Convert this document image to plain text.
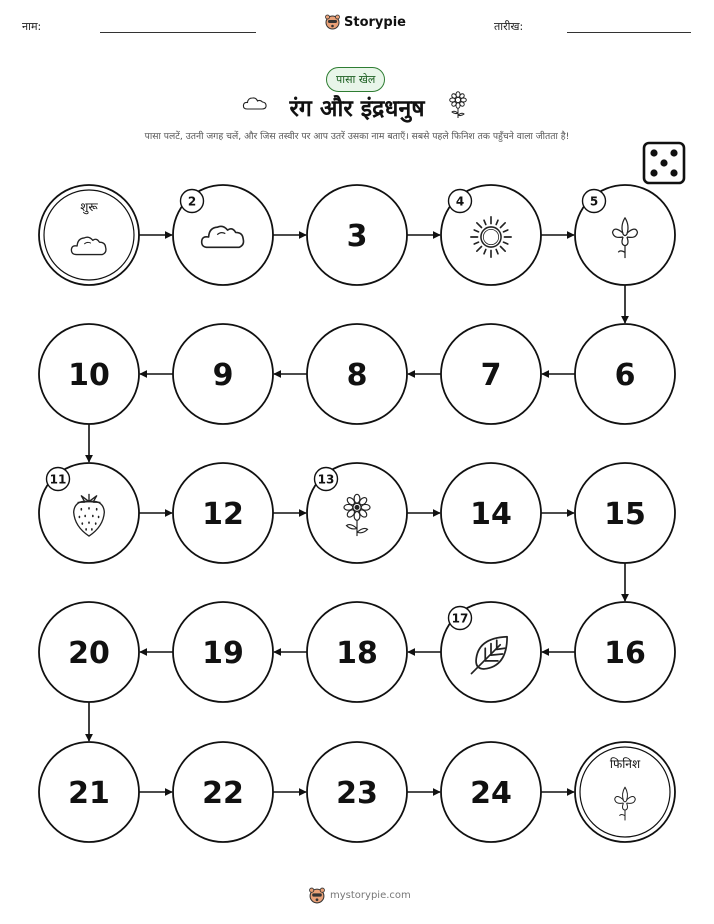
नाम:	Storypie	तारीख:
पासा खेल
रंग और इंद्रधनुष
पासा पलटें, उतनी जगह चलें, और जिस तस्वीर पर आप उतरें उसका नाम बताएँ। सबसे पहले फिनिश तक पहुँचने वाला जीतता है!
शुरू	2
3
4	5
6
7
8
9
10
11
12
13
14	15
16
17
18
19
20
21	22	23	24
फिनिश
mystorypie.com
